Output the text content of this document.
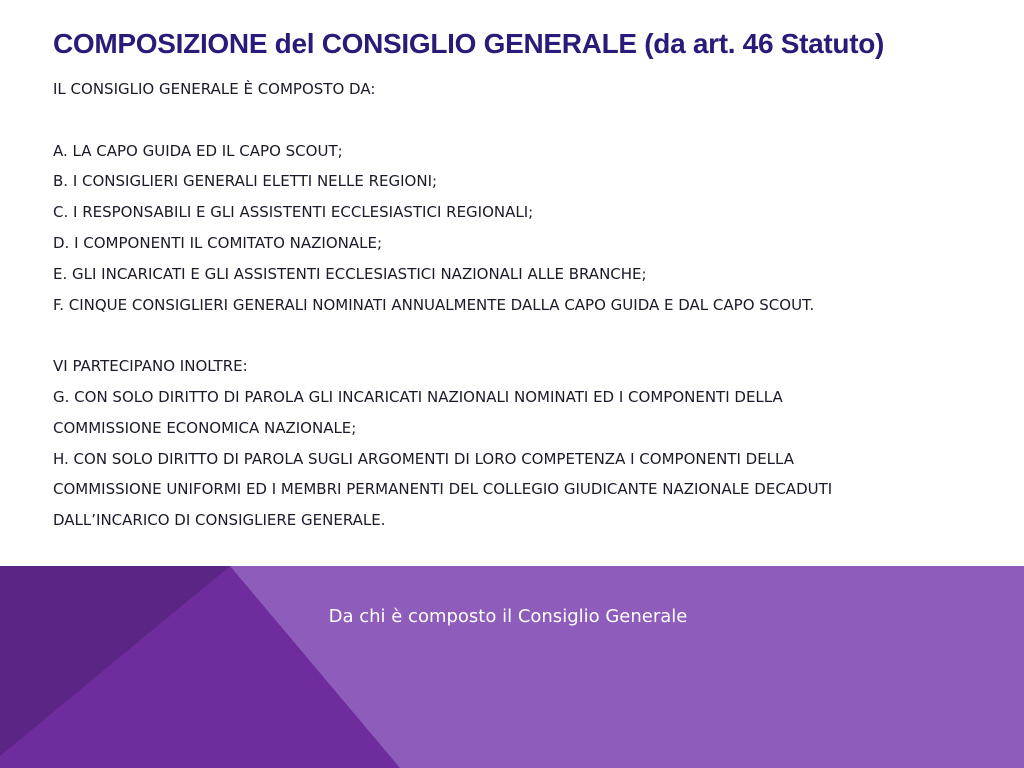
COMPOSIZIONE del CONSIGLIO GENERALE (da art. 46 Statuto)
IL CONSIGLIO GENERALE È COMPOSTO DA:
A. LA CAPO GUIDA ED IL CAPO SCOUT;
B. I CONSIGLIERI GENERALI ELETTI NELLE REGIONI;
C. I RESPONSABILI E GLI ASSISTENTI ECCLESIASTICI REGIONALI;
D. I COMPONENTI IL COMITATO NAZIONALE;
E. GLI INCARICATI E GLI ASSISTENTI ECCLESIASTICI NAZIONALI ALLE BRANCHE;
F. CINQUE CONSIGLIERI GENERALI NOMINATI ANNUALMENTE DALLA CAPO GUIDA E DAL CAPO SCOUT.
VI PARTECIPANO INOLTRE:
G. CON SOLO DIRITTO DI PAROLA GLI INCARICATI NAZIONALI NOMINATI ED I COMPONENTI DELLA
COMMISSIONE ECONOMICA NAZIONALE;
H. CON SOLO DIRITTO DI PAROLA SUGLI ARGOMENTI DI LORO COMPETENZA I COMPONENTI DELLA
COMMISSIONE UNIFORMI ED I MEMBRI PERMANENTI DEL COLLEGIO GIUDICANTE NAZIONALE DECADUTI
DALL’INCARICO DI CONSIGLIERE GENERALE.

Da chi è composto il Consiglio Generale
